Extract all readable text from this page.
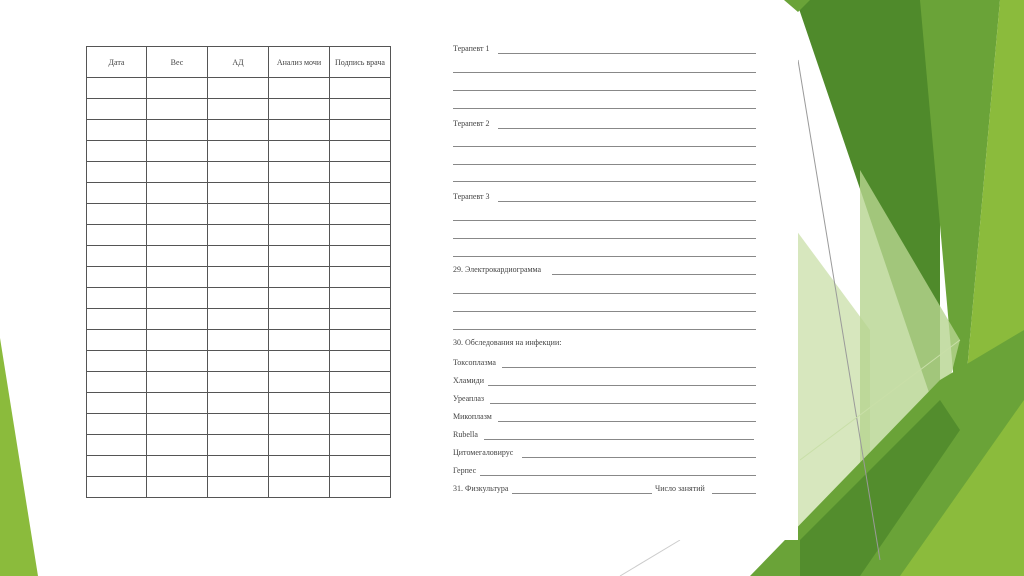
Дата	Вес	АД	Анализ мочи	Подпись врача

Терапевт 1
Терапевт 2
Терапевт 3
29. Электрокардиограмма
30. Обследования на инфекции:
Токсоплазма
Хламиди
Уреаплаз
Микоплазм
Rubella
Цитомегаловирус
Герпес
31. Физкультура	Число занятий
